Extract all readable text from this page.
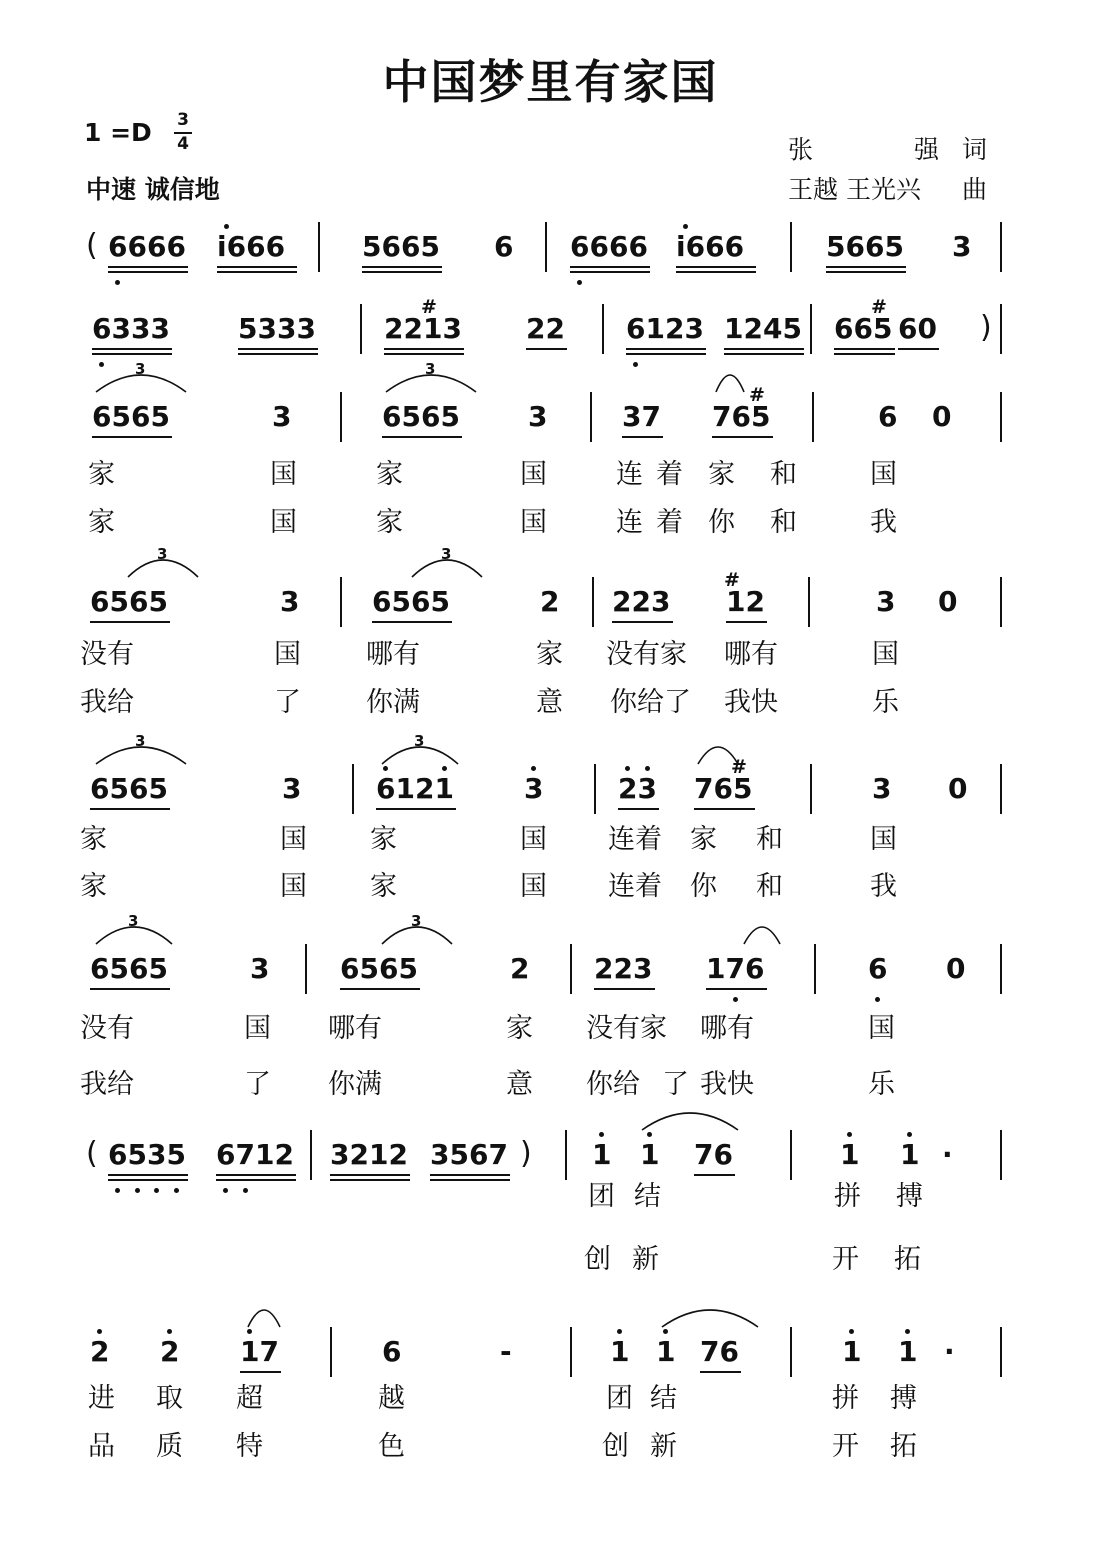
中国梦里有家国
1 =D 3
4
中速 诚信地
张	强 词
王越 王光兴 曲
6666 i666	5665 6 6666 i666	5665 3
6333 5333 2213
#
22 6123 1245 665
#
60
6565	3	6565 3	37 765
#
6 0
6565	3	6565	2 223 12
#
3 0
6565	3	6121	3	23 765
#
3 0
6565	3	6565	2 223 176	6 0
6535 6712 3212 3567	1 1 76	1 1 ·
2 2 17	6	-	1 1 76	1 1 ·
(
)
(	)
3	3
3	3
3	3
3	3
家	国	家	国	连 着 家 和	国
家	国	家	国	连 着 你 和	我
没有	国 哪有	家 没有家 哪有	国
我给	了 你满	意 你给了 我快	乐
家	国 家	国 连着 家 和	国
家	国 家	国 连着 你 和	我
没有	国 哪有	家 没有家 哪有	国
我给	了 你满	意 你给 了 我快	乐
团 结	拼 搏
创 新	开 拓
进 取 超	越	团 结	拼 搏
品 质 特	色	创 新	开 拓
